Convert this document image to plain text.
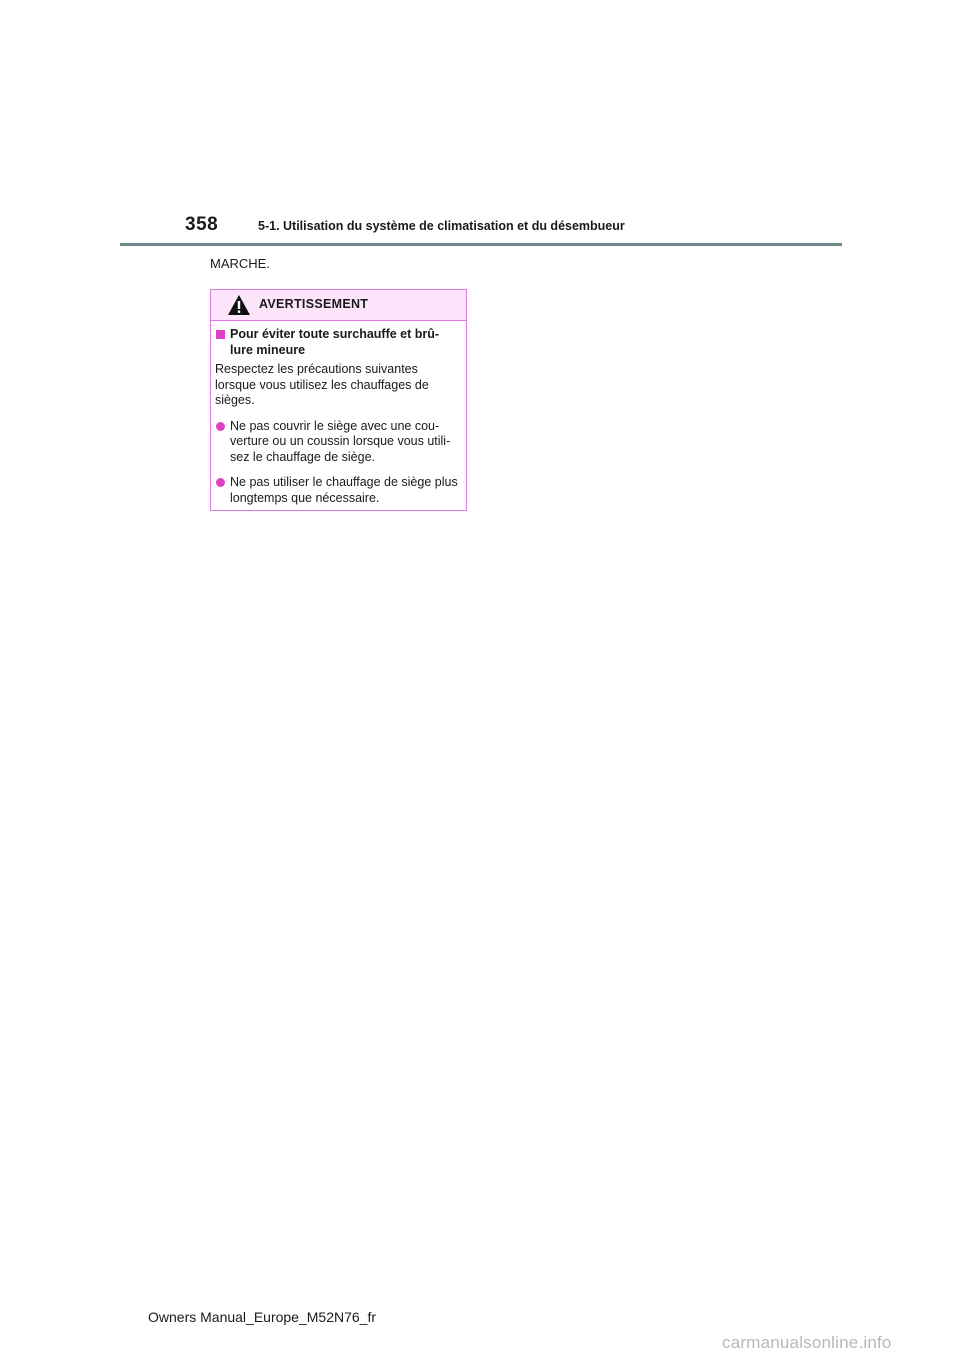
358	5-1. Utilisation du système de climatisation et du désembueur
MARCHE.
AVERTISSEMENT
Pour éviter toute surchauffe et brû-lure mineure
Respectez les précautions suivantes lorsque vous utilisez les chauffages de sièges.
Ne pas couvrir le siège avec une cou-verture ou un coussin lorsque vous utili-sez le chauffage de siège.
Ne pas utiliser le chauffage de siège plus longtemps que nécessaire.
Owners Manual_Europe_M52N76_fr
carmanualsonline.info
